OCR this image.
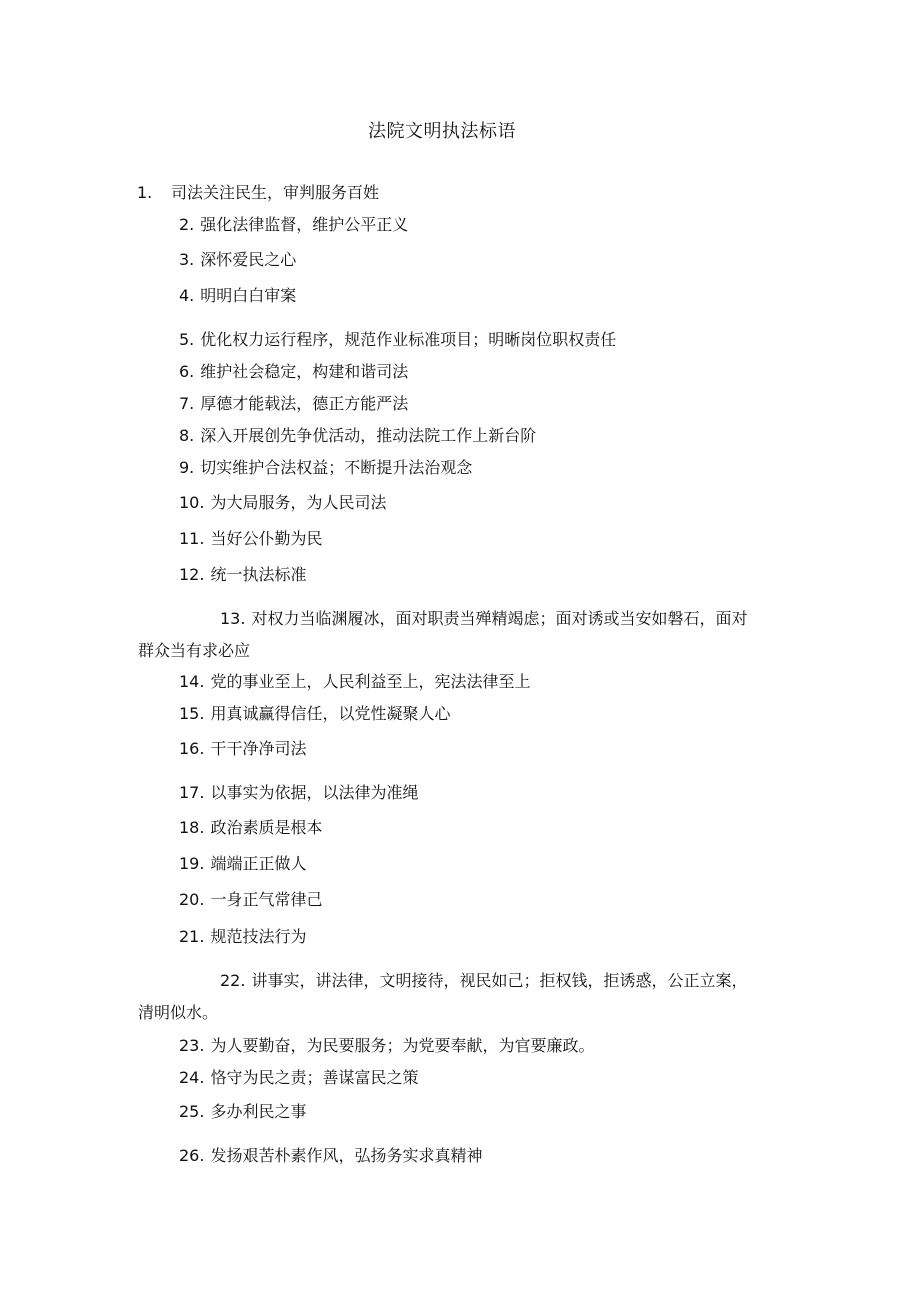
法院文明执法标语
1. 司法关注民生，审判服务百姓
2. 强化法律监督，维护公平正义
3. 深怀爱民之心
4. 明明白白审案
5. 优化权力运行程序，规范作业标准项目；明晰岗位职权责任
6. 维护社会稳定，构建和谐司法
7. 厚德才能载法，德正方能严法
8. 深入开展创先争优活动，推动法院工作上新台阶
9. 切实维护合法权益；不断提升法治观念
10. 为大局服务，为人民司法
11. 当好公仆勤为民
12. 统一执法标准
13. 对权力当临渊履冰，面对职责当殚精竭虑；面对诱或当安如磐石，面对群众当有求必应
14. 党的事业至上，人民利益至上，宪法法律至上
15. 用真诚赢得信任，以党性凝聚人心
16. 干干净净司法
17. 以事实为依据，以法律为准绳
18. 政治素质是根本
19. 端端正正做人
20. 一身正气常律己
21. 规范技法行为
22. 讲事实，讲法律，文明接待，视民如己；拒权钱，拒诱惑，公正立案，清明似水。
23. 为人要勤奋，为民要服务；为党要奉献，为官要廉政。
24. 恪守为民之责；善谋富民之策
25. 多办利民之事
26. 发扬艰苦朴素作风，弘扬务实求真精神
